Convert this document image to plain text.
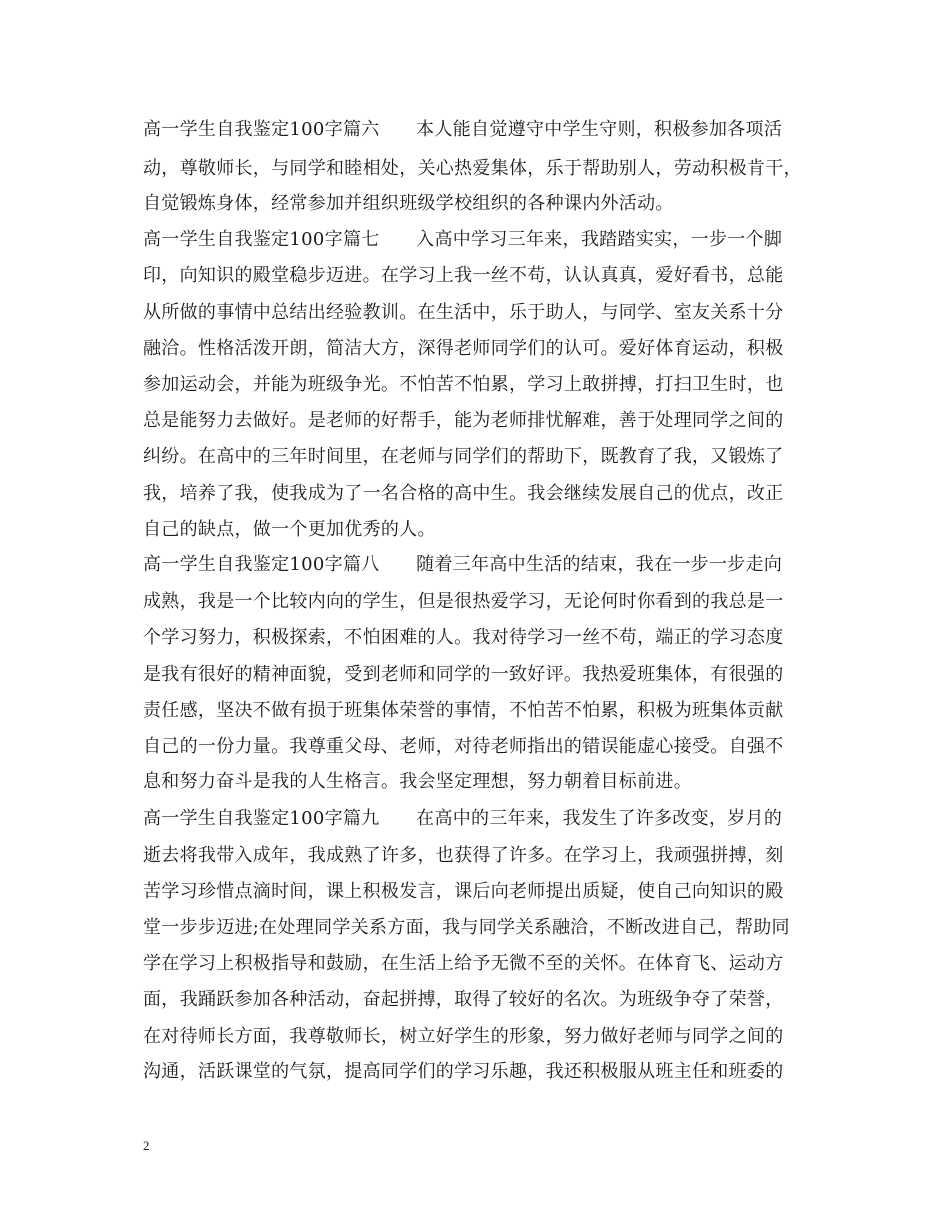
高一学生自我鉴定100字篇六　　本人能自觉遵守中学生守则，积极参加各项活
动，尊敬师长，与同学和睦相处，关心热爱集体，乐于帮助别人，劳动积极肯干，
自觉锻炼身体，经常参加并组织班级学校组织的各种课内外活动。
高一学生自我鉴定100字篇七　　入高中学习三年来，我踏踏实实，一步一个脚
印，向知识的殿堂稳步迈进。在学习上我一丝不苟，认认真真，爱好看书，总能
从所做的事情中总结出经验教训。在生活中，乐于助人，与同学、室友关系十分
融洽。性格活泼开朗，简洁大方，深得老师同学们的认可。爱好体育运动，积极
参加运动会，并能为班级争光。不怕苦不怕累，学习上敢拼搏，打扫卫生时，也
总是能努力去做好。是老师的好帮手，能为老师排忧解难，善于处理同学之间的
纠纷。在高中的三年时间里，在老师与同学们的帮助下，既教育了我，又锻炼了
我，培养了我，使我成为了一名合格的高中生。我会继续发展自己的优点，改正
自己的缺点，做一个更加优秀的人。
高一学生自我鉴定100字篇八　　随着三年高中生活的结束，我在一步一步走向
成熟，我是一个比较内向的学生，但是很热爱学习，无论何时你看到的我总是一
个学习努力，积极探索，不怕困难的人。我对待学习一丝不苟，端正的学习态度
是我有很好的精神面貌，受到老师和同学的一致好评。我热爱班集体，有很强的
责任感，坚决不做有损于班集体荣誉的事情，不怕苦不怕累，积极为班集体贡献
自己的一份力量。我尊重父母、老师，对待老师指出的错误能虚心接受。自强不
息和努力奋斗是我的人生格言。我会坚定理想，努力朝着目标前进。
高一学生自我鉴定100字篇九　　在高中的三年来，我发生了许多改变，岁月的
逝去将我带入成年，我成熟了许多，也获得了许多。在学习上，我顽强拼搏，刻
苦学习珍惜点滴时间，课上积极发言，课后向老师提出质疑，使自己向知识的殿
堂一步步迈进;在处理同学关系方面，我与同学关系融洽，不断改进自己，帮助同
学在学习上积极指导和鼓励，在生活上给予无微不至的关怀。在体育飞、运动方
面，我踊跃参加各种活动，奋起拼搏，取得了较好的名次。为班级争夺了荣誉，
在对待师长方面，我尊敬师长，树立好学生的形象，努力做好老师与同学之间的
沟通，活跃课堂的气氛，提高同学们的学习乐趣，我还积极服从班主任和班委的
2
